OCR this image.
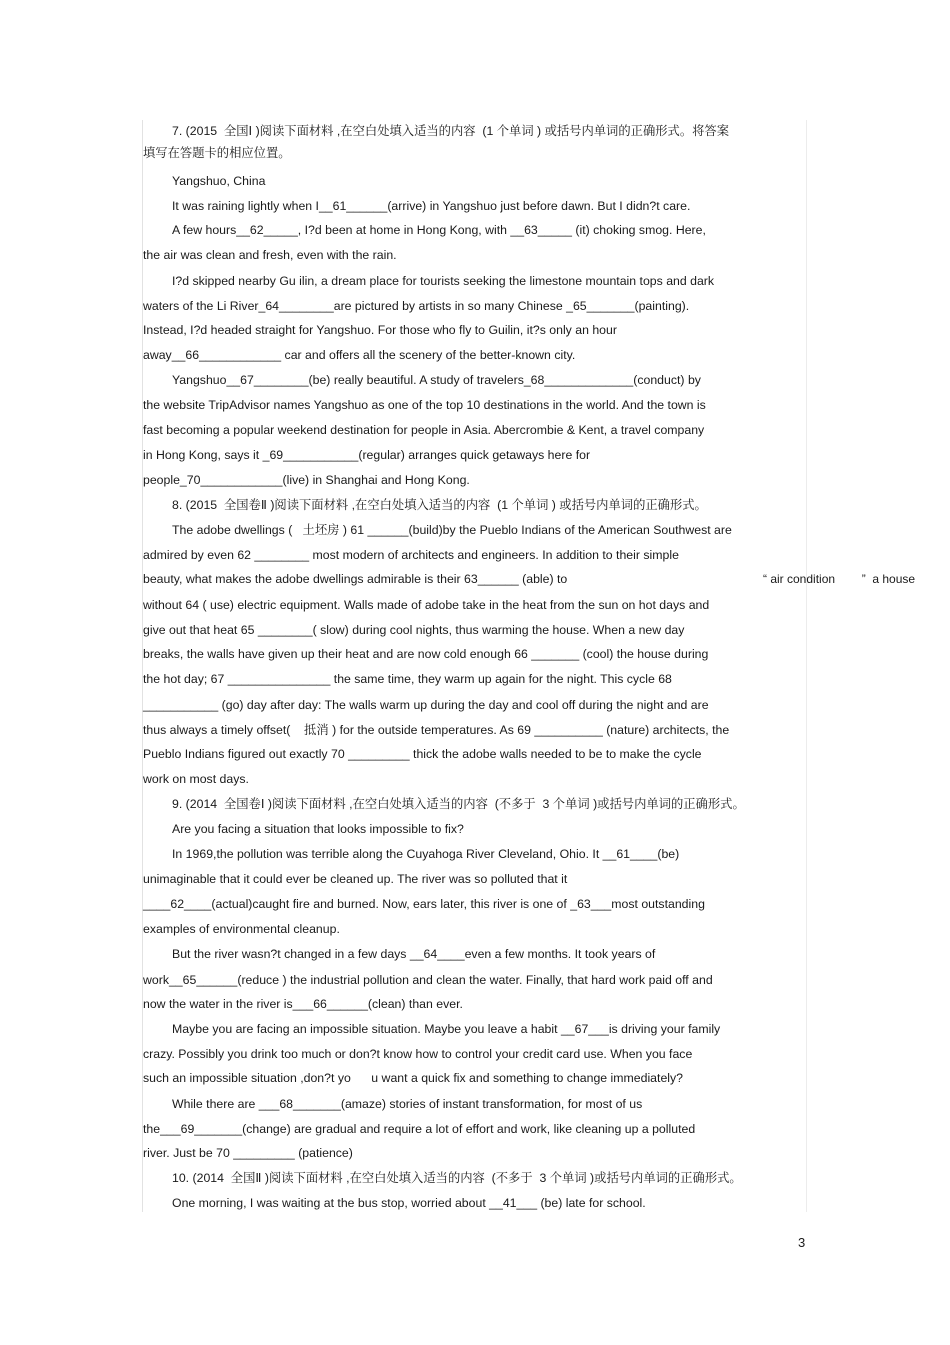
7. (2015  全国Ⅰ )阅读下面材料 ,在空白处填入适当的内容  (1 个单词 ) 或括号内单词的正确形式。将答案
填写在答题卡的相应位置。
Yangshuo, China
It was raining lightly when I__61______(arrive) in Yangshuo just before dawn. But I didn?t care.
A few hours__62_____, I?d been at home in Hong Kong, with __63_____ (it) choking smog. Here,
the air was clean and fresh, even with the rain.
I?d skipped nearby Gu ilin, a dream place for tourists seeking the limestone mountain tops and dark
waters of the Li River_64________are pictured by artists in so many Chinese _65_______(painting).
Instead, I?d headed straight for Yangshuo. For those who fly to Guilin, it?s only an hour
away__66____________ car and offers all the scenery of the better-known city.
Yangshuo__67________(be) really beautiful. A study of travelers_68_____________(conduct) by
the website TripAdvisor names Yangshuo as one of the top 10 destinations in the world. And the town is
fast becoming a popular weekend destination for people in Asia. Abercrombie & Kent, a travel company
in Hong Kong, says it _69___________(regular) arranges quick getaways here for
people_70____________(live) in Shanghai and Hong Kong.
8. (2015  全国卷Ⅱ )阅读下面材料 ,在空白处填入适当的内容  (1 个单词 ) 或括号内单词的正确形式。
The adobe dwellings (   土坯房 ) 61 ______(build)by the Pueblo Indians of the American Southwest are
admired by even 62 ________ most modern of architects and engineers. In addition to their simple
beauty, what makes the adobe dwellings admirable is their 63______ (able) to	“ air condition        ”  a house
without 64 ( use) electric equipment. Walls made of adobe take in the heat from the sun on hot days and
give out that heat 65 ________( slow) during cool nights, thus warming the house. When a new day
breaks, the walls have given up their heat and are now cold enough 66 _______ (cool) the house during
the hot day; 67 _______________ the same time, they warm up again for the night. This cycle 68
___________ (go) day after day: The walls warm up during the day and cool off during the night and are
thus always a timely offset(    抵消 ) for the outside temperatures. As 69 __________ (nature) architects, the
Pueblo Indians figured out exactly 70 _________ thick the adobe walls needed to be to make the cycle
work on most days.
9. (2014  全国卷Ⅰ )阅读下面材料 ,在空白处填入适当的内容  (不多于  3 个单词 )或括号内单词的正确形式。
Are you facing a situation that looks impossible to fix?
In 1969,the pollution was terrible along the Cuyahoga River Cleveland, Ohio. It __61____(be)
unimaginable that it could ever be cleaned up. The river was so polluted that it
____62____(actual)caught fire and burned. Now, ears later, this river is one of _63___most outstanding
examples of environmental cleanup.
But the river wasn?t changed in a few days __64____even a few months. It took years of
work__65______(reduce ) the industrial pollution and clean the water. Finally, that hard work paid off and
now the water in the river is___66______(clean) than ever.
Maybe you are facing an impossible situation. Maybe you leave a habit __67___is driving your family
crazy. Possibly you drink too much or don?t know how to control your credit card use. When you face
such an impossible situation ,don?t yo      u want a quick fix and something to change immediately?
While there are ___68_______(amaze) stories of instant transformation, for most of us
the___69_______(change) are gradual and require a lot of effort and work, like cleaning up a polluted
river. Just be 70 _________ (patience)
10. (2014  全国Ⅱ )阅读下面材料 ,在空白处填入适当的内容  (不多于  3 个单词 )或括号内单词的正确形式。
One morning, I was waiting at the bus stop, worried about __41___ (be) late for school.
3
